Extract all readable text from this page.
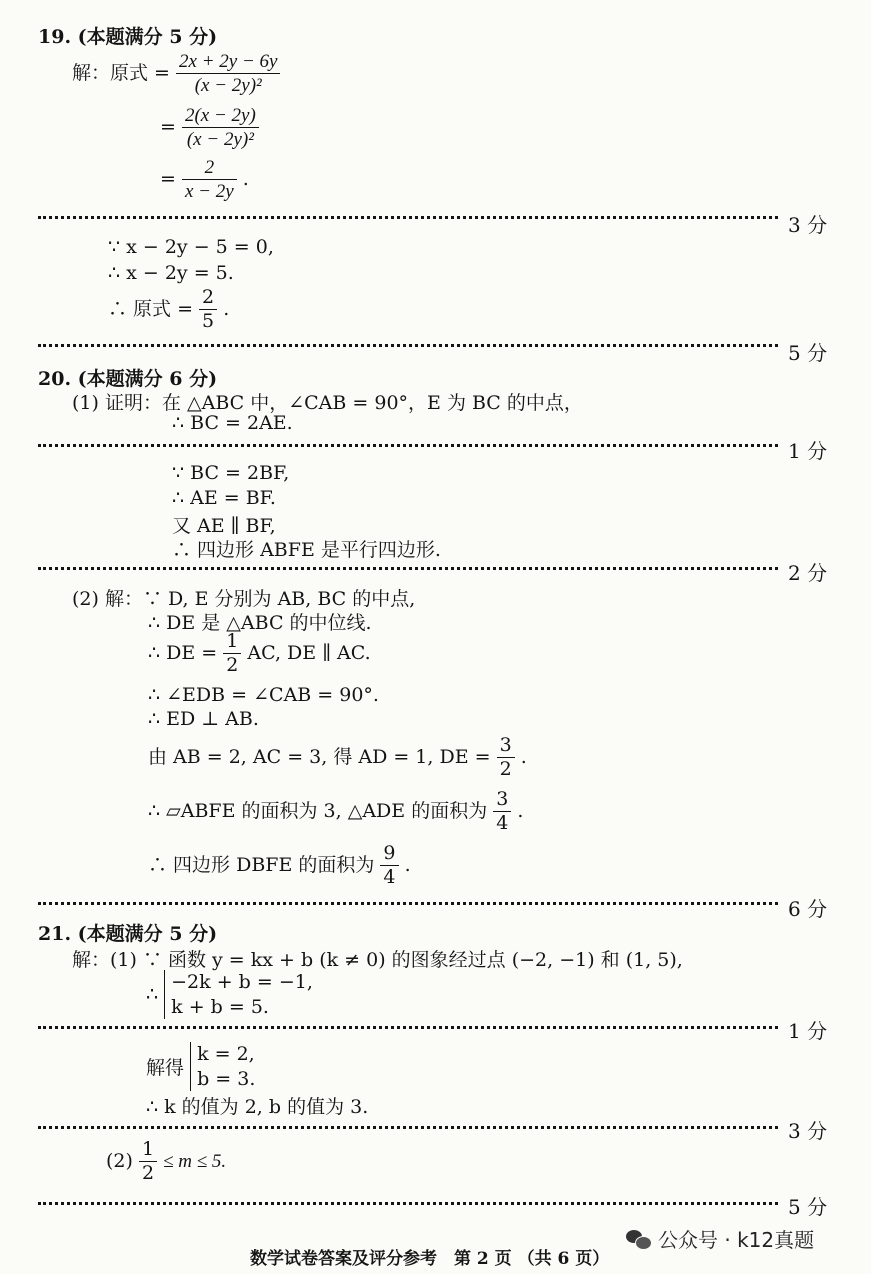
19. (本题满分 5 分)
解：原式 = $\frac{2x + 2y - 6y}{\text{(x − 2y)²}}$
= $\frac{2(x - 2y)}{\text{(x − 2y)²}}$
= $\frac{2}{x - 2y}$ .
3 分
∵ x − 2y − 5 = 0,
∴ x − 2y = 5.
∴ 原式 = $\frac{2}{5}$ .
5 分
20. (本题满分 6 分)
(1) 证明：在 △ABC 中，∠CAB = 90°，E 为 BC 的中点，
∴ BC = 2AE.
1 分
∵ BC = 2BF,
∴ AE = BF.
又 AE ∥ BF,
∴ 四边形 ABFE 是平行四边形.
2 分
(2) 解：∵ D, E 分别为 AB, BC 的中点,
∴ DE 是 △ABC 的中位线.
∴ DE = $\frac{1}{2}$ AC, DE ∥ AC.
∴ ∠EDB = ∠CAB = 90°.
∴ ED ⊥ AB.
由 AB = 2, AC = 3, 得 AD = 1, DE = $\frac{3}{2}$ .
∴ ▱ABFE 的面积为 3, △ADE 的面积为 $\frac{3}{4}$ .
∴ 四边形 DBFE 的面积为 $\frac{9}{4}$ .
6 分
21. (本题满分 5 分)
解：(1) ∵ 函数 y = kx + b (k ≠ 0) 的图象经过点 (−2, −1) 和 (1, 5),
∴
−2k + b = −1,
k + b = 5.
1 分
解得
k = 2,
b = 3.
∴ k 的值为 2, b 的值为 3.
3 分
$(2) \frac{1}{2} \le m \le 5$.
5 分
数学试卷答案及评分参考　第 2 页 （共 6 页）
公众号 · k12真题
